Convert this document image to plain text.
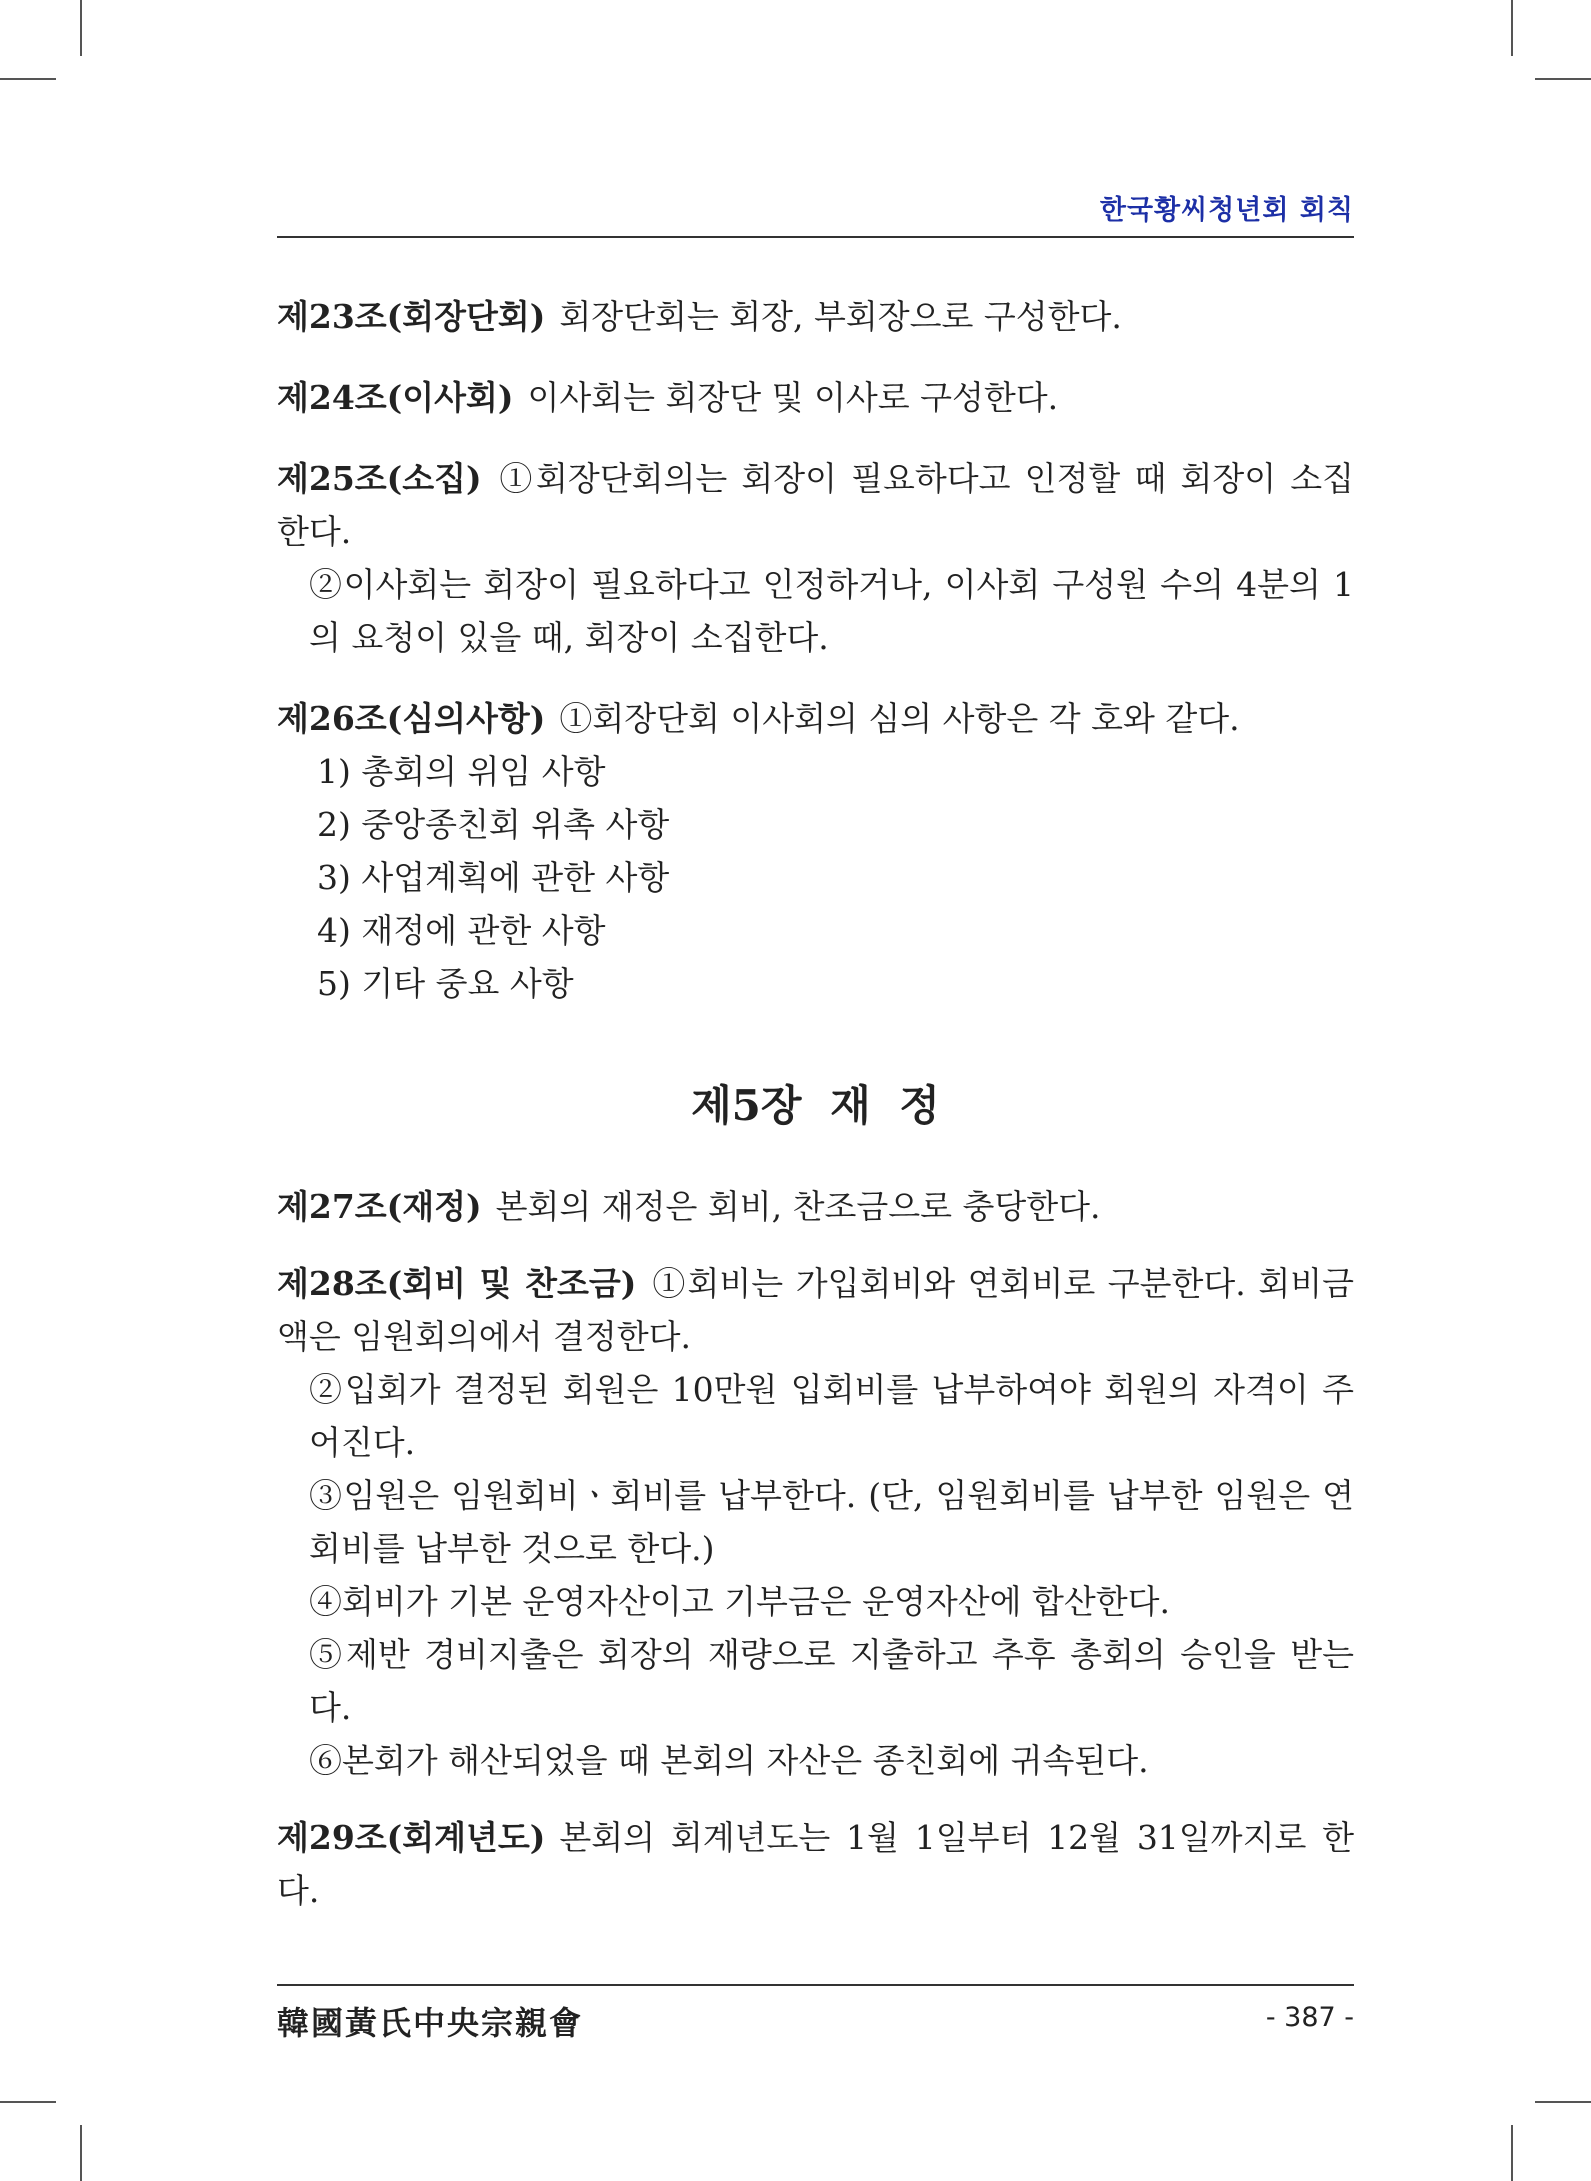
한국황씨청년회 회칙
제23조(회장단회) 회장단회는 회장, 부회장으로 구성한다.
제24조(이사회) 이사회는 회장단 및 이사로 구성한다.
제25조(소집) ①회장단회의는 회장이 필요하다고 인정할 때 회장이 소집한다.
②이사회는 회장이 필요하다고 인정하거나, 이사회 구성원 수의 4분의 1의 요청이 있을 때, 회장이 소집한다.
제26조(심의사항) ①회장단회 이사회의 심의 사항은 각 호와 같다.
1) 총회의 위임 사항
2) 중앙종친회 위촉 사항
3) 사업계획에 관한 사항
4) 재정에 관한 사항
5) 기타 중요 사항
제5장 재 정
제27조(재정) 본회의 재정은 회비, 찬조금으로 충당한다.
제28조(회비 및 찬조금) ①회비는 가입회비와 연회비로 구분한다. 회비금액은 임원회의에서 결정한다.
②입회가 결정된 회원은 10만원 입회비를 납부하여야 회원의 자격이 주어진다.
③임원은 임원회비ㆍ회비를 납부한다. (단, 임원회비를 납부한 임원은 연회비를 납부한 것으로 한다.)
④회비가 기본 운영자산이고 기부금은 운영자산에 합산한다.
⑤제반 경비지출은 회장의 재량으로 지출하고 추후 총회의 승인을 받는다.
⑥본회가 해산되었을 때 본회의 자산은 종친회에 귀속된다.
제29조(회계년도) 본회의 회계년도는 1월 1일부터 12월 31일까지로 한다.
韓國黃氏中央宗親會	- 387 -
